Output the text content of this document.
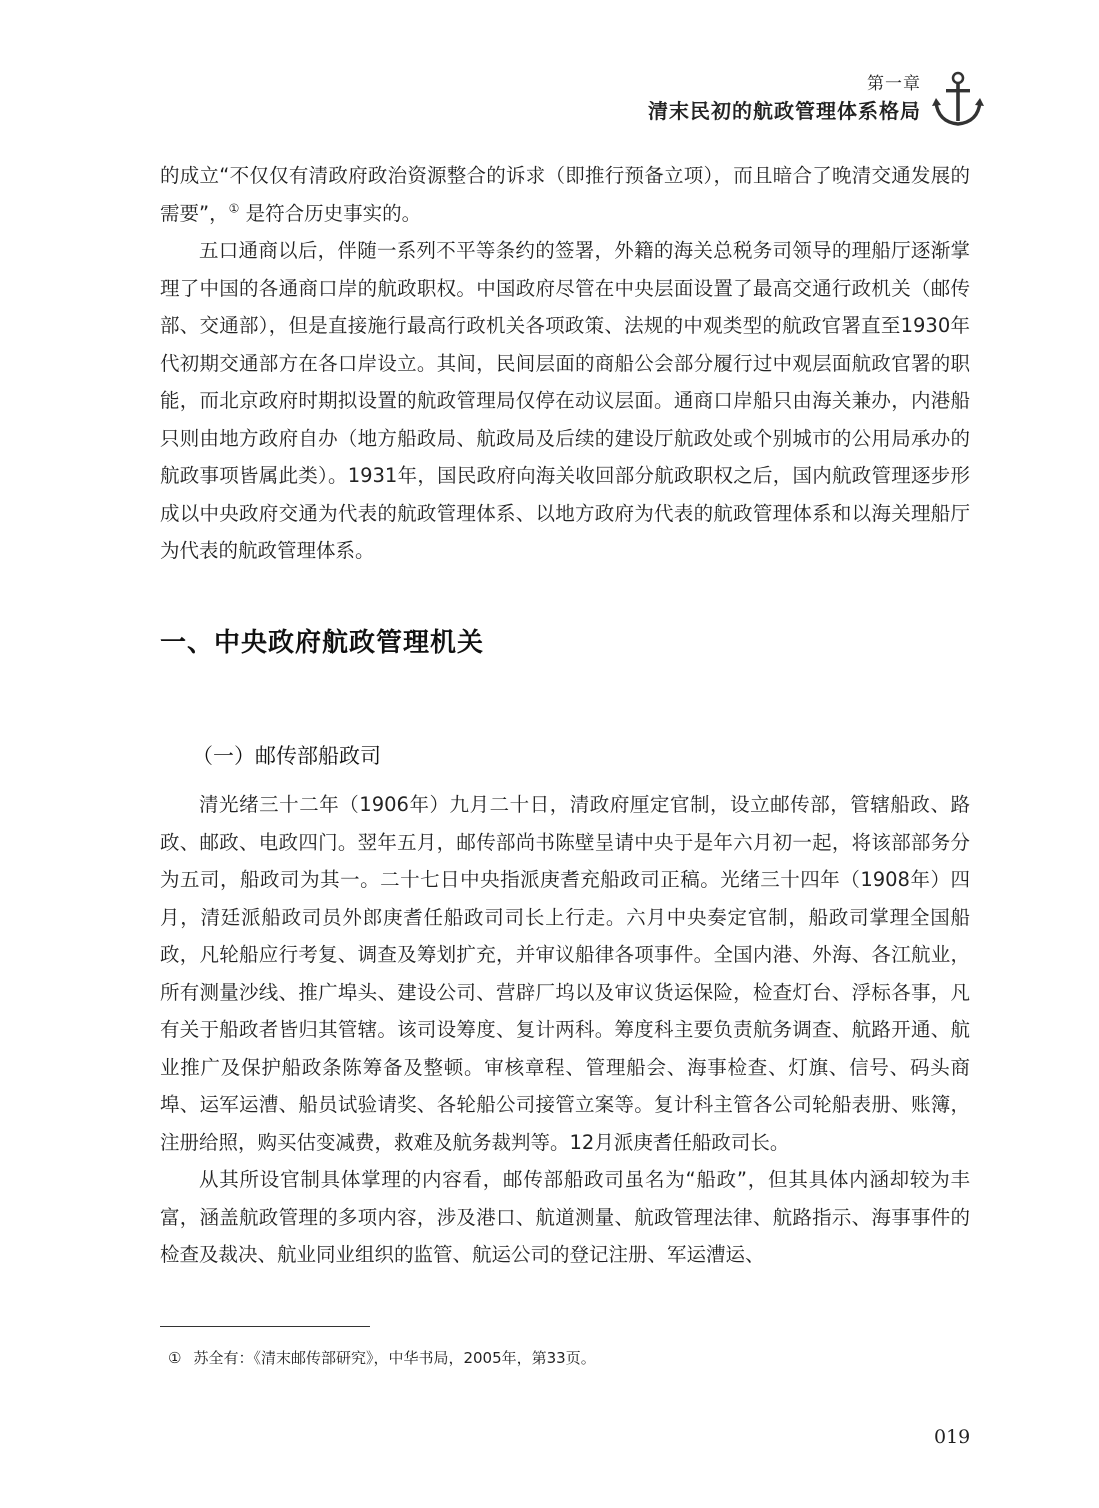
第一章
清末民初的航政管理体系格局

的成立“不仅仅有清政府政治资源整合的诉求（即推行预备立项），而且暗合了晚清交通发展的需要”，① 是符合历史事实的。

五口通商以后，伴随一系列不平等条约的签署，外籍的海关总税务司领导的理船厅逐渐掌理了中国的各通商口岸的航政职权。中国政府尽管在中央层面设置了最高交通行政机关（邮传部、交通部），但是直接施行最高行政机关各项政策、法规的中观类型的航政官署直至1930年代初期交通部方在各口岸设立。其间，民间层面的商船公会部分履行过中观层面航政官署的职能，而北京政府时期拟设置的航政管理局仅停在动议层面。通商口岸船只由海关兼办，内港船只则由地方政府自办（地方船政局、航政局及后续的建设厅航政处或个别城市的公用局承办的航政事项皆属此类）。1931年，国民政府向海关收回部分航政职权之后，国内航政管理逐步形成以中央政府交通为代表的航政管理体系、以地方政府为代表的航政管理体系和以海关理船厅为代表的航政管理体系。

一、中央政府航政管理机关
（一）邮传部船政司

清光绪三十二年（1906年）九月二十日，清政府厘定官制，设立邮传部，管辖船政、路政、邮政、电政四门。翌年五月，邮传部尚书陈壁呈请中央于是年六月初一起，将该部部务分为五司，船政司为其一。二十七日中央指派庚耆充船政司正稿。光绪三十四年（1908年）四月，清廷派船政司员外郎庚耆任船政司司长上行走。六月中央奏定官制，船政司掌理全国船政，凡轮船应行考复、调查及筹划扩充，并审议船律各项事件。全国内港、外海、各江航业，所有测量沙线、推广埠头、建设公司、营辟厂坞以及审议货运保险，检查灯台、浮标各事，凡有关于船政者皆归其管辖。该司设筹度、复计两科。筹度科主要负责航务调查、航路开通、航业推广及保护船政条陈筹备及整顿。审核章程、管理船会、海事检查、灯旗、信号、码头商埠、运军运漕、船员试验请奖、各轮船公司接管立案等。复计科主管各公司轮船表册、账簿，注册给照，购买估变减费，救难及航务裁判等。12月派庚耆任船政司长。

从其所设官制具体掌理的内容看，邮传部船政司虽名为“船政”，但其具体内涵却较为丰富，涵盖航政管理的多项内容，涉及港口、航道测量、航政管理法律、航路指示、海事事件的检查及裁决、航业同业组织的监管、航运公司的登记注册、军运漕运、

① 苏全有：《清末邮传部研究》，中华书局，2005年，第33页。
019
